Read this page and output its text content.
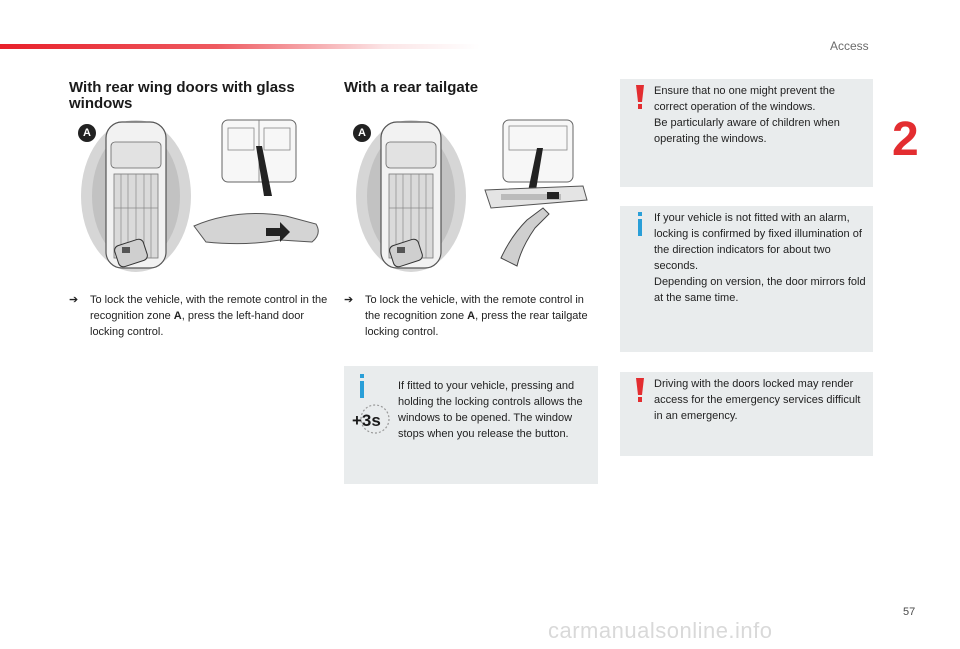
Access
2
With rear wing doors with glass windows
A
➔ To lock the vehicle, with the remote control in the recognition zone A, press the left-hand door locking control.
With a rear tailgate
A
➔ To lock the vehicle, with the remote control in the recognition zone A, press the rear tailgate locking control.
+3s
If fitted to your vehicle, pressing and holding the locking controls allows the windows to be opened. The window stops when you release the button.
Ensure that no one might prevent the correct operation of the windows.
Be particularly aware of children when operating the windows.
If your vehicle is not fitted with an alarm, locking is confirmed by fixed illumination of the direction indicators for about two seconds.
Depending on version, the door mirrors fold at the same time.
Driving with the doors locked may render access for the emergency services difficult in an emergency.
57
carmanualsonline.info
